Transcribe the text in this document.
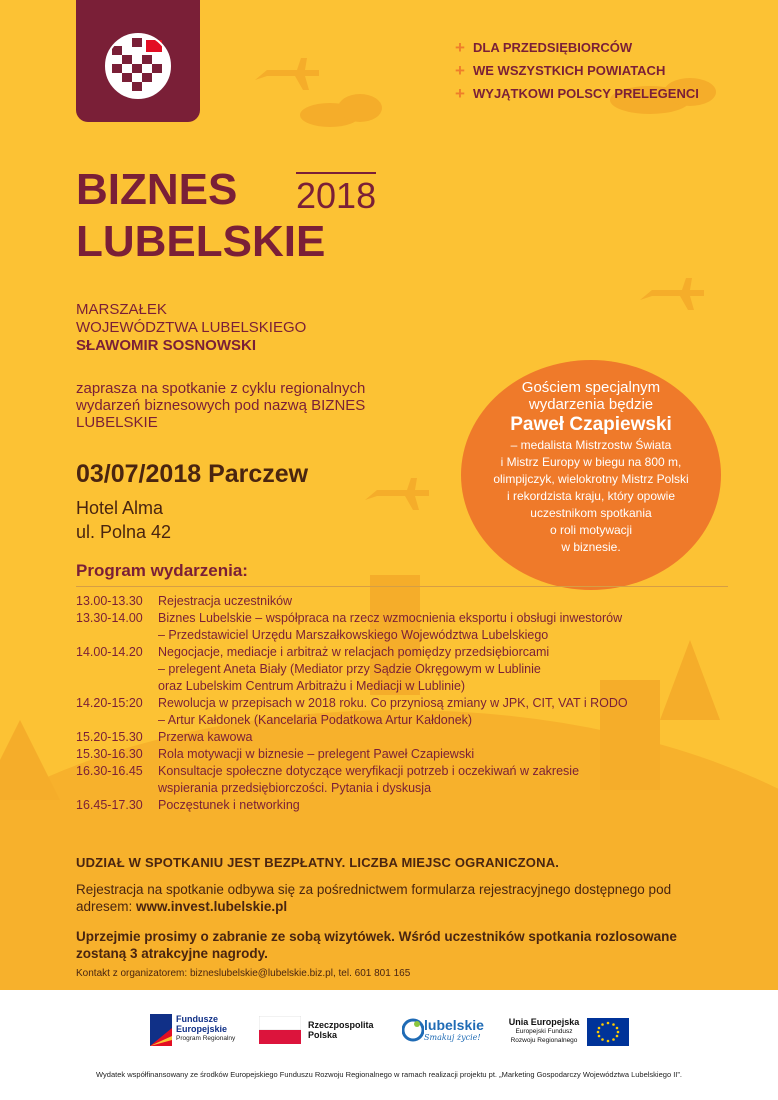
+ DLA PRZEDSIĘBIORCÓW
+ WE WSZYSTKICH POWIATACH
+ WYJĄTKOWI POLSCY PRELEGENCI
BIZNES 2018
LUBELSKIE
MARSZAŁEK
WOJEWÓDZTWA LUBELSKIEGO
SŁAWOMIR SOSNOWSKI
zaprasza na spotkanie z cyklu regionalnych wydarzeń biznesowych pod nazwą BIZNES LUBELSKIE
03/07/2018 Parczew
Hotel Alma
ul. Polna 42
Gościem specjalnym
wydarzenia będzie
Paweł Czapiewski
– medalista Mistrzostw Świata
i Mistrz Europy w biegu na 800 m,
olimpijczyk, wielokrotny Mistrz Polski
i rekordzista kraju, który opowie
uczestnikom spotkania
o roli motywacji
w biznesie.
Program wydarzenia:
13.00-13.30	Rejestracja uczestników
13.30-14.00	Biznes Lubelskie – współpraca na rzecz wzmocnienia eksportu i obsługi inwestorów
– Przedstawiciel Urzędu Marszałkowskiego Województwa Lubelskiego
14.00-14.20	Negocjacje, mediacje i arbitraż w relacjach pomiędzy przedsiębiorcami
– prelegent Aneta Biały (Mediator przy Sądzie Okręgowym w Lublinie
oraz Lubelskim Centrum Arbitrażu i Mediacji w Lublinie)
14.20-15:20	Rewolucja w przepisach w 2018 roku. Co przyniosą zmiany w JPK, CIT, VAT i RODO
– Artur Kałdonek (Kancelaria Podatkowa Artur Kałdonek)
15.20-15.30	Przerwa kawowa
15.30-16.30	Rola motywacji w biznesie – prelegent Paweł Czapiewski
16.30-16.45	Konsultacje społeczne dotyczące weryfikacji potrzeb i oczekiwań w zakresie
wspierania przedsiębiorczości. Pytania i dyskusja
16.45-17.30	Poczęstunek i networking
UDZIAŁ W SPOTKANIU JEST BEZPŁATNY. LICZBA MIEJSC OGRANICZONA.
Rejestracja na spotkanie odbywa się za pośrednictwem formularza rejestracyjnego dostępnego pod adresem: www.invest.lubelskie.pl
Uprzejmie prosimy o zabranie ze sobą wizytówek. Wśród uczestników spotkania rozlosowane zostaną 3 atrakcyjne nagrody.
Kontakt z organizatorem: bizneslubelskie@lubelskie.biz.pl, tel. 601 801 165
Fundusze
Europejskie
Program Regionalny
Rzeczpospolita
Polska
lubelskie
Smakuj życie!
Unia Europejska
Europejski Fundusz
Rozwoju Regionalnego
Wydatek współfinansowany ze środków Europejskiego Funduszu Rozwoju Regionalnego w ramach realizacji projektu pt. „Marketing Gospodarczy Województwa Lubelskiego II”.
